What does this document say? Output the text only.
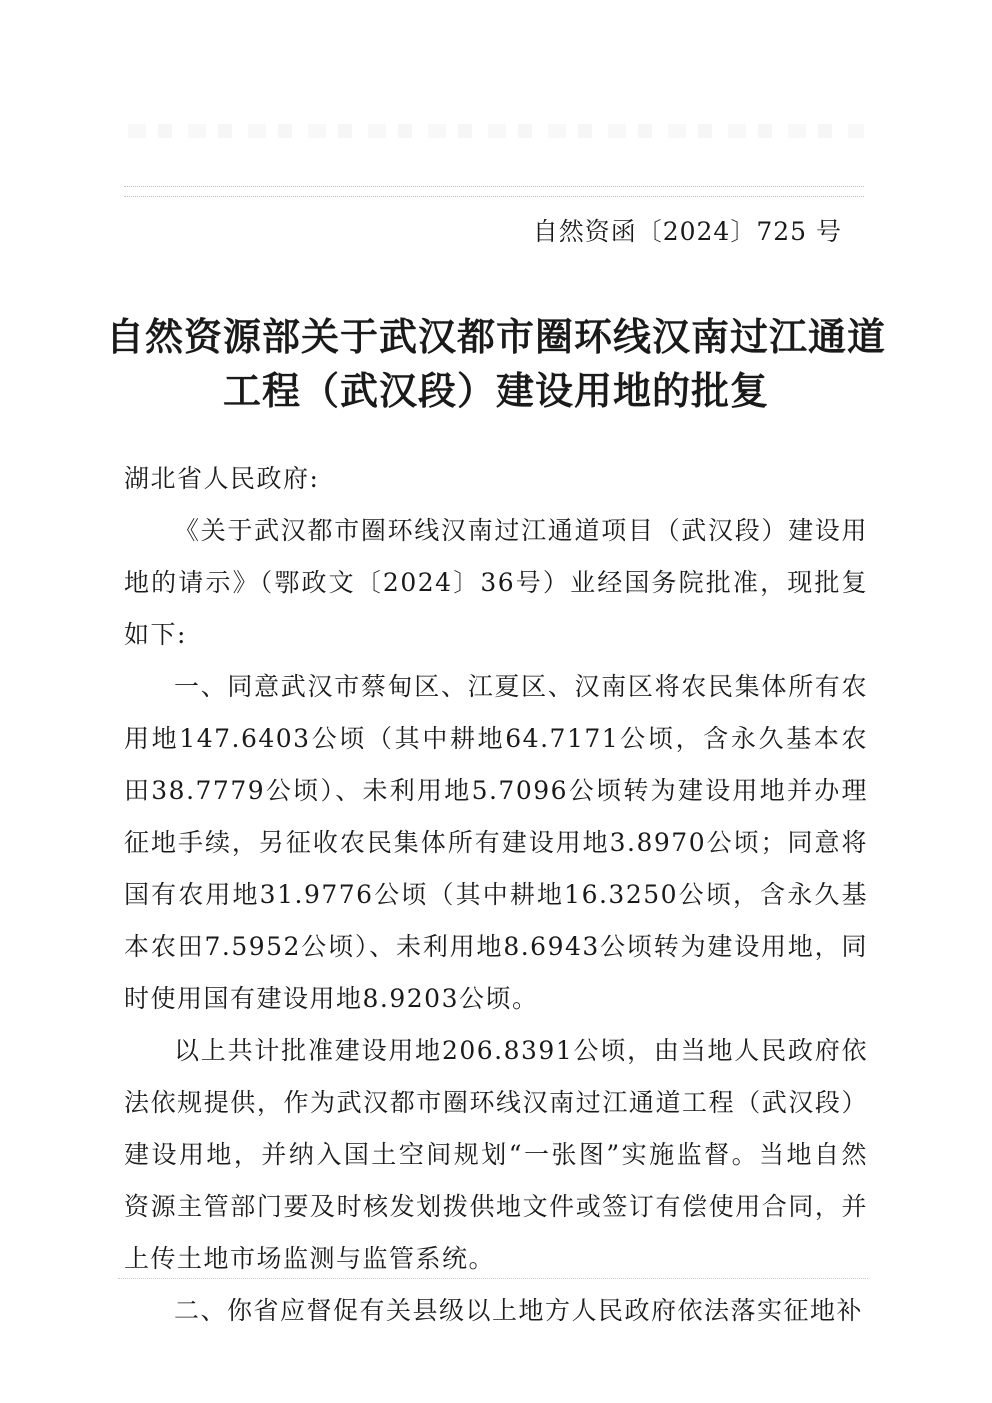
自然资函〔2024〕725 号
自然资源部关于武汉都市圈环线汉南过江通道
工程（武汉段）建设用地的批复
湖北省人民政府:

《关于武汉都市圈环线汉南过江通道项目（武汉段）建设用地的请示》（鄂政文〔2024〕36号）业经国务院批准，现批复如下:

一、同意武汉市蔡甸区、江夏区、汉南区将农民集体所有农用地147.6403公顷（其中耕地64.7171公顷，含永久基本农田38.7779公顷）、未利用地5.7096公顷转为建设用地并办理征地手续，另征收农民集体所有建设用地3.8970公顷；同意将国有农用地31.9776公顷（其中耕地16.3250公顷，含永久基本农田7.5952公顷）、未利用地8.6943公顷转为建设用地，同时使用国有建设用地8.9203公顷。

以上共计批准建设用地206.8391公顷，由当地人民政府依法依规提供，作为武汉都市圈环线汉南过江通道工程（武汉段）建设用地，并纳入国土空间规划“一张图”实施监督。当地自然资源主管部门要及时核发划拨供地文件或签订有偿使用合同，并上传土地市场监测与监管系统。

二、你省应督促有关县级以上地方人民政府依法落实征地补
